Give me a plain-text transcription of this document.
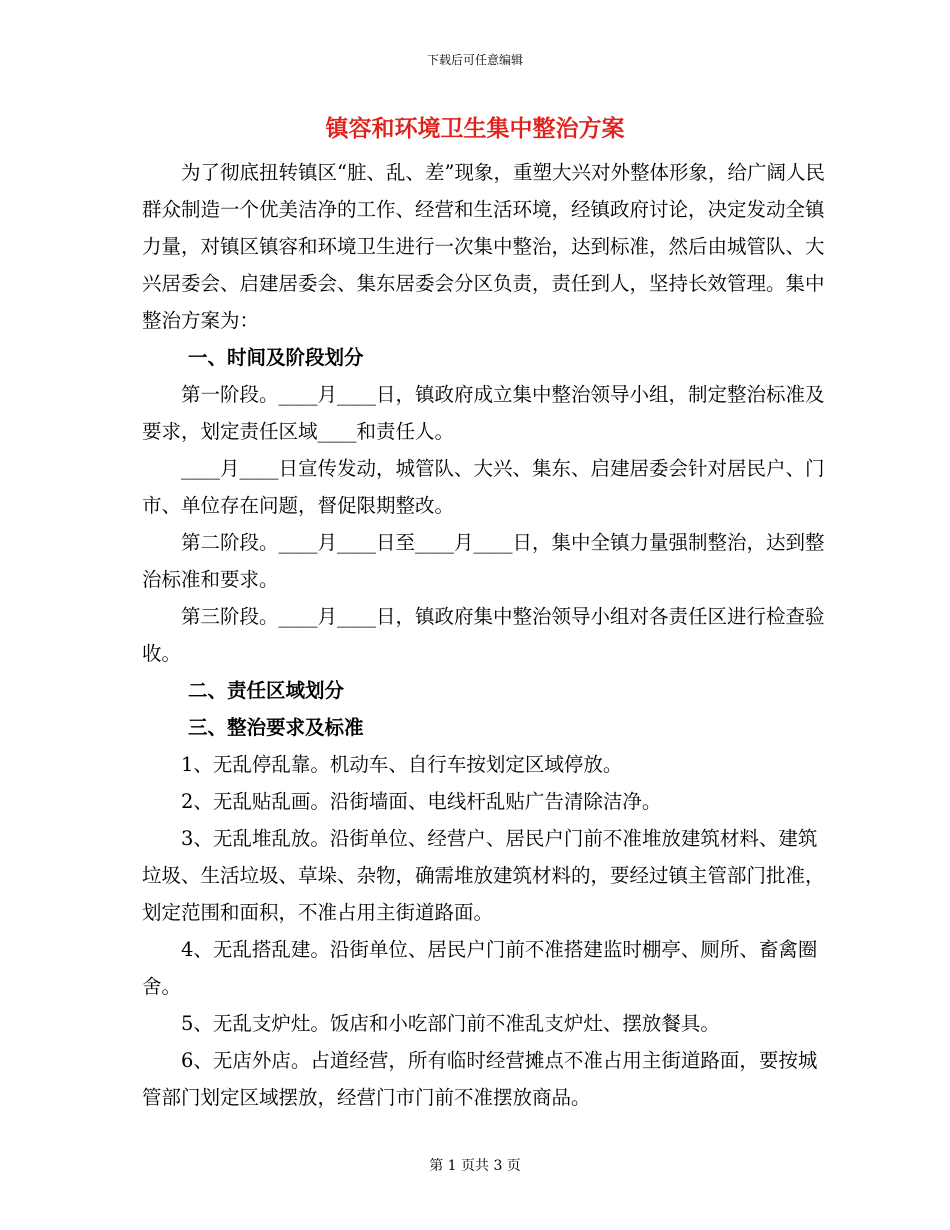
下载后可任意编辑
镇容和环境卫生集中整治方案

为了彻底扭转镇区“脏、乱、差”现象，重塑大兴对外整体形象，给广阔人民群众制造一个优美洁净的工作、经营和生活环境，经镇政府讨论，决定发动全镇力量，对镇区镇容和环境卫生进行一次集中整治，达到标准，然后由城管队、大兴居委会、启建居委会、集东居委会分区负责，责任到人，坚持长效管理。集中整治方案为：

一、时间及阶段划分

第一阶段。____月____日，镇政府成立集中整治领导小组，制定整治标准及要求，划定责任区域____和责任人。

____月____日宣传发动，城管队、大兴、集东、启建居委会针对居民户、门市、单位存在问题，督促限期整改。

第二阶段。____月____日至____月____日，集中全镇力量强制整治，达到整治标准和要求。

第三阶段。____月____日，镇政府集中整治领导小组对各责任区进行检查验收。

二、责任区域划分

三、整治要求及标准

1、无乱停乱靠。机动车、自行车按划定区域停放。

2、无乱贴乱画。沿街墙面、电线杆乱贴广告清除洁净。

3、无乱堆乱放。沿街单位、经营户、居民户门前不准堆放建筑材料、建筑垃圾、生活垃圾、草垛、杂物，确需堆放建筑材料的，要经过镇主管部门批准，划定范围和面积，不准占用主街道路面。

4、无乱搭乱建。沿街单位、居民户门前不准搭建监时棚亭、厕所、畜禽圈舍。

5、无乱支炉灶。饭店和小吃部门前不准乱支炉灶、摆放餐具。

6、无店外店。占道经营，所有临时经营摊点不准占用主街道路面，要按城管部门划定区域摆放，经营门市门前不准摆放商品。

第 1 页共 3 页
